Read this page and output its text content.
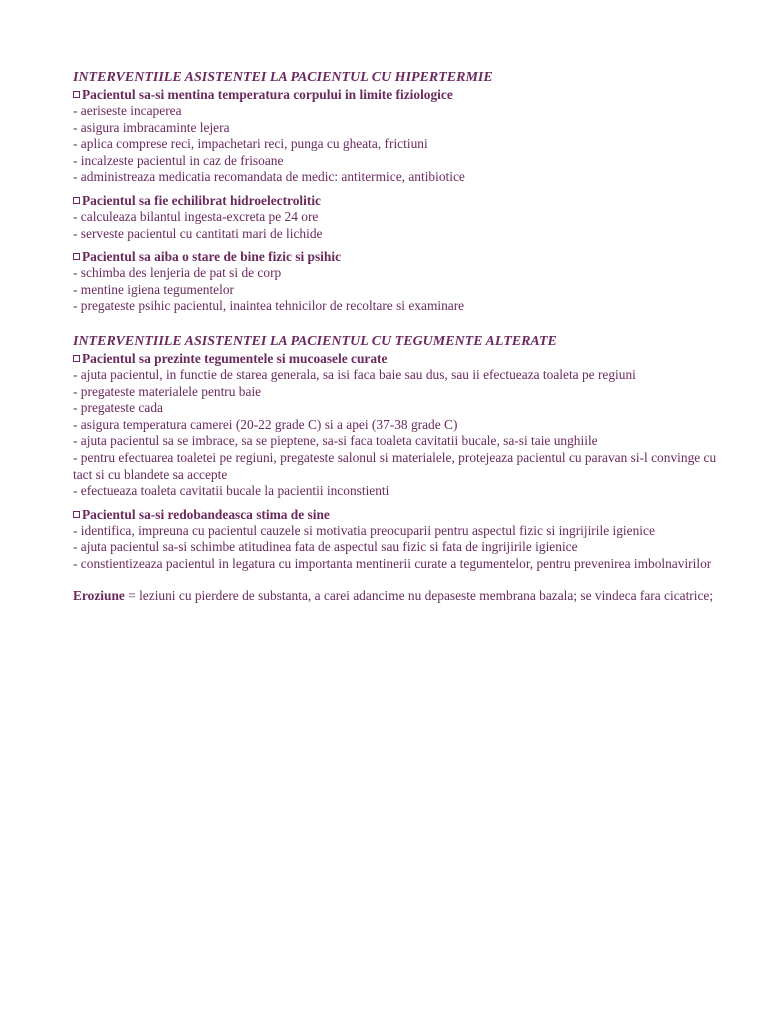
INTERVENTIILE ASISTENTEI LA PACIENTUL CU HIPERTERMIE

Pacientul sa-si mentina temperatura corpului in limite fiziologice

- aeriseste incaperea
- asigura imbracaminte lejera
- aplica comprese reci, impachetari reci, punga cu gheata, frictiuni
- incalzeste pacientul in caz de frisoane
- administreaza medicatia recomandata de medic: antitermice, antibiotice

Pacientul sa fie echilibrat hidroelectrolitic

- calculeaza bilantul ingesta-excreta pe 24 ore
- serveste pacientul cu cantitati mari de lichide

Pacientul sa aiba o stare de bine fizic si psihic

- schimba des lenjeria de pat si de corp
- mentine igiena tegumentelor
- pregateste psihic pacientul, inaintea tehnicilor de recoltare si examinare

INTERVENTIILE ASISTENTEI LA PACIENTUL CU TEGUMENTE ALTERATE

Pacientul sa prezinte tegumentele si mucoasele curate

- ajuta pacientul, in functie de starea generala, sa isi faca baie sau dus, sau ii efectueaza toaleta pe regiuni
- pregateste materialele pentru baie
- pregateste cada
- asigura temperatura camerei (20-22 grade C) si a apei (37-38 grade C)
- ajuta pacientul sa se imbrace, sa se pieptene, sa-si faca toaleta cavitatii bucale, sa-si taie unghiile
- pentru efectuarea toaletei pe regiuni, pregateste salonul si materialele, protejeaza pacientul cu paravan si-l convinge cu tact si cu blandete sa accepte
- efectueaza toaleta cavitatii bucale la pacientii inconstienti

Pacientul sa-si redobandeasca stima de sine

- identifica, impreuna cu pacientul cauzele si motivatia preocuparii pentru aspectul fizic si ingrijirile igienice
- ajuta pacientul sa-si schimbe atitudinea fata de aspectul sau fizic si fata de ingrijirile igienice
- constientizeaza pacientul in legatura cu importanta mentinerii curate a tegumentelor, pentru prevenirea imbolnavirilor

Eroziune = leziuni cu pierdere de substanta, a carei adancime nu depaseste membrana bazala; se vindeca fara cicatrice;
